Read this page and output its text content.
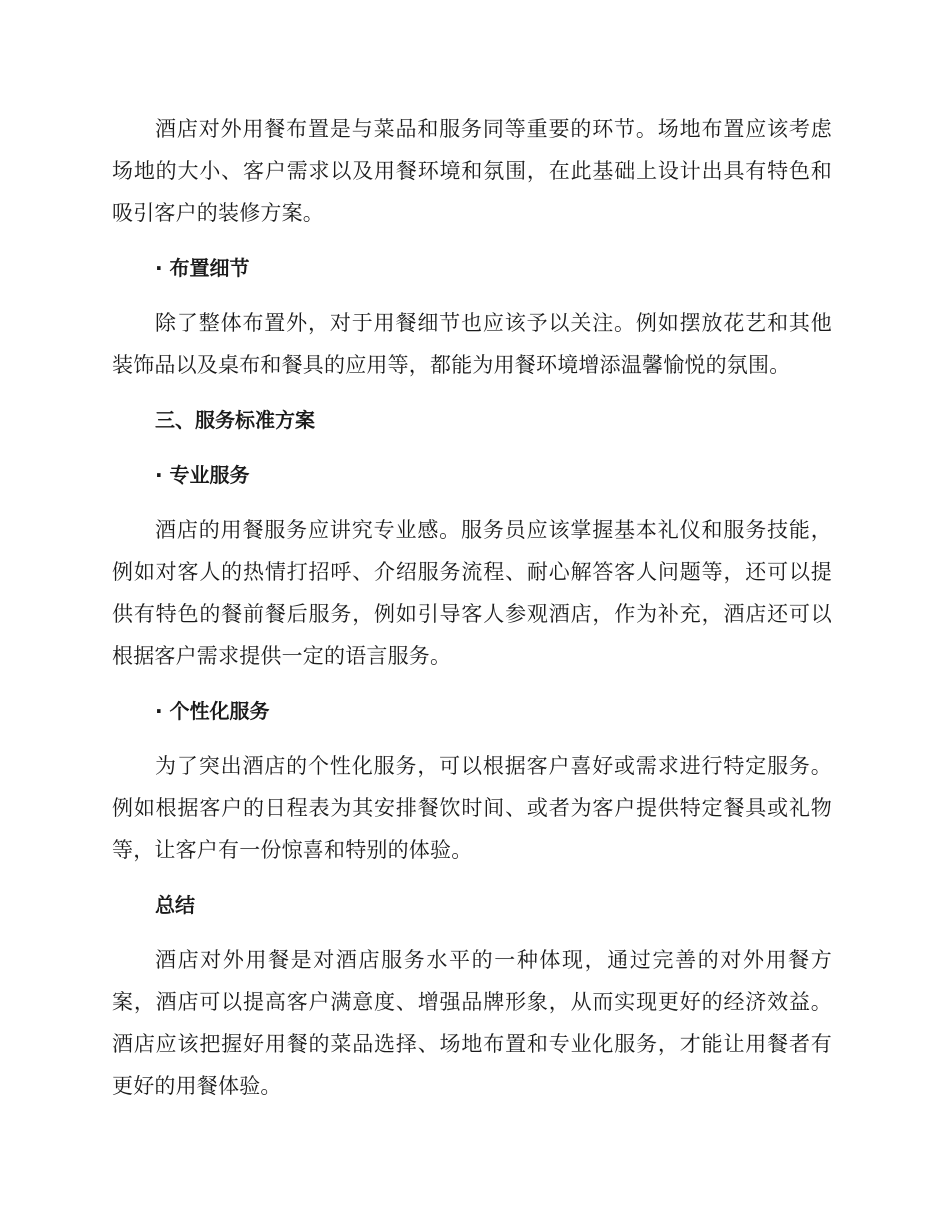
酒店对外用餐布置是与菜品和服务同等重要的环节。场地布置应该考虑场地的大小、客户需求以及用餐环境和氛围，在此基础上设计出具有特色和吸引客户的装修方案。

· 布置细节

除了整体布置外，对于用餐细节也应该予以关注。例如摆放花艺和其他装饰品以及桌布和餐具的应用等，都能为用餐环境增添温馨愉悦的氛围。

三、服务标准方案
· 专业服务

酒店的用餐服务应讲究专业感。服务员应该掌握基本礼仪和服务技能，例如对客人的热情打招呼、介绍服务流程、耐心解答客人问题等，还可以提供有特色的餐前餐后服务，例如引导客人参观酒店，作为补充，酒店还可以根据客户需求提供一定的语言服务。

· 个性化服务

为了突出酒店的个性化服务，可以根据客户喜好或需求进行特定服务。例如根据客户的日程表为其安排餐饮时间、或者为客户提供特定餐具或礼物等，让客户有一份惊喜和特别的体验。

总结

酒店对外用餐是对酒店服务水平的一种体现，通过完善的对外用餐方案，酒店可以提高客户满意度、增强品牌形象，从而实现更好的经济效益。酒店应该把握好用餐的菜品选择、场地布置和专业化服务，才能让用餐者有更好的用餐体验。
